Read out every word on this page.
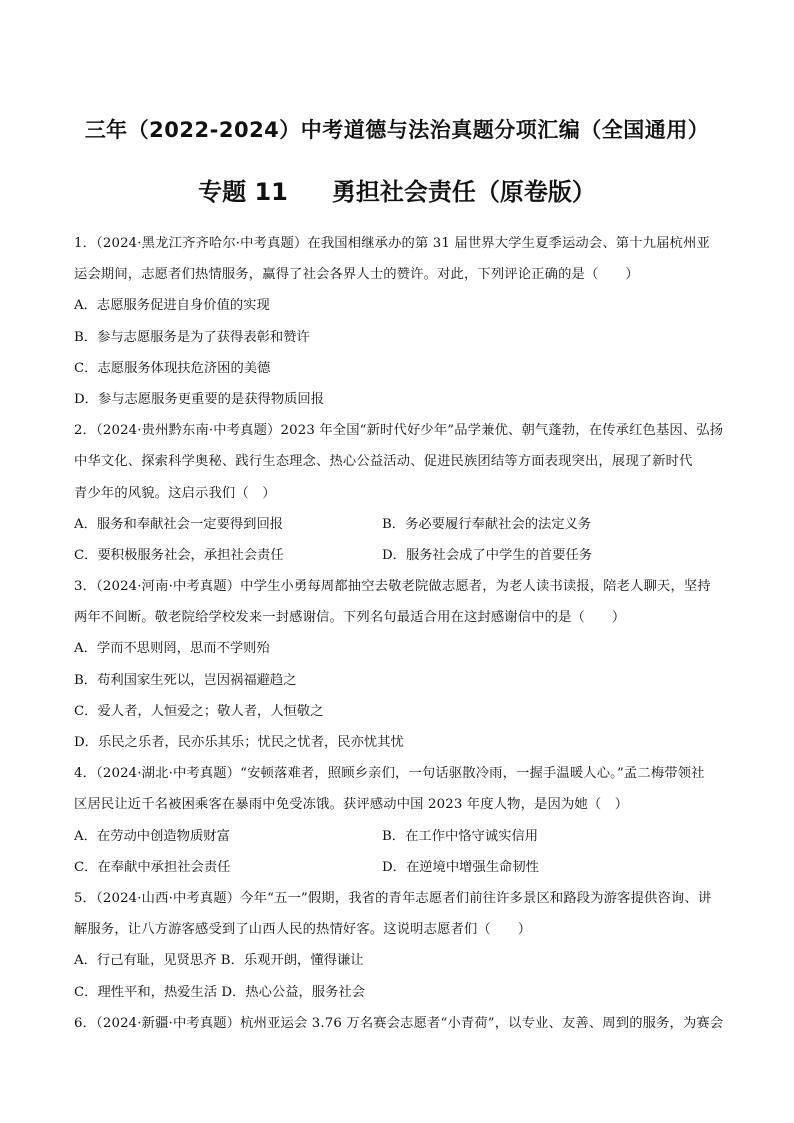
三年（2022-2024）中考道德与法治真题分项汇编（全国通用）
专题 11 勇担社会责任（原卷版）
1．（2024·黑龙江齐齐哈尔·中考真题）在我国相继承办的第 31 届世界大学生夏季运动会、第十九届杭州亚
运会期间，志愿者们热情服务，赢得了社会各界人士的赞许。对此，下列评论正确的是（　　）
A．志愿服务促进自身价值的实现
B．参与志愿服务是为了获得表彰和赞许
C．志愿服务体现扶危济困的美德
D．参与志愿服务更重要的是获得物质回报
2．（2024·贵州黔东南·中考真题）2023 年全国“新时代好少年”品学兼优、朝气蓬勃，在传承红色基因、弘扬
中华文化、探索科学奥秘、践行生态理念、热心公益活动、促进民族团结等方面表现突出，展现了新时代
青少年的风貌。这启示我们（　）
A．服务和奉献社会一定要得到回报	B．务必要履行奉献社会的法定义务
C．要积极服务社会，承担社会责任	D．服务社会成了中学生的首要任务
3．（2024·河南·中考真题）中学生小勇每周都抽空去敬老院做志愿者，为老人读书读报，陪老人聊天，坚持
两年不间断。敬老院给学校发来一封感谢信。下列名句最适合用在这封感谢信中的是（　　）
A．学而不思则罔，思而不学则殆
B．苟利国家生死以，岂因祸福避趋之
C．爱人者，人恒爱之；敬人者，人恒敬之
D．乐民之乐者，民亦乐其乐；忧民之忧者，民亦忧其忧
4．（2024·湖北·中考真题）“安顿落难者，照顾乡亲们，一句话驱散冷雨，一握手温暖人心。”孟二梅带领社
区居民让近千名被困乘客在暴雨中免受冻饿。获评感动中国 2023 年度人物，是因为她（　）
A．在劳动中创造物质财富	B．在工作中恪守诚实信用
C．在奉献中承担社会责任	D．在逆境中增强生命韧性
5．（2024·山西·中考真题）今年“五一”假期，我省的青年志愿者们前往许多景区和路段为游客提供咨询、讲
解服务，让八方游客感受到了山西人民的热情好客。这说明志愿者们（　　）
A．行己有耻，见贤思齐 B．乐观开朗，懂得谦让
C．理性平和，热爱生活 D．热心公益，服务社会
6．（2024·新疆·中考真题）杭州亚运会 3.76 万名赛会志愿者“小青荷”，以专业、友善、周到的服务，为赛会
